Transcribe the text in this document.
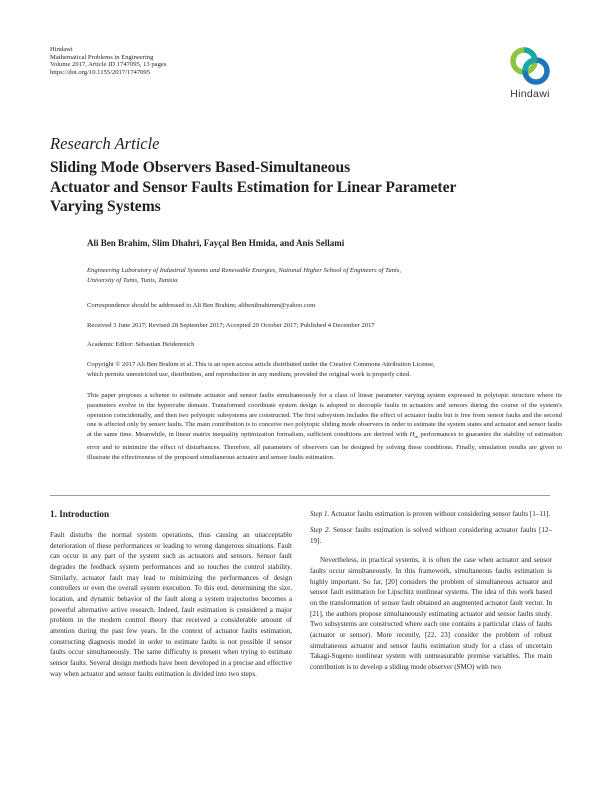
Hindawi
Mathematical Problems in Engineering
Volume 2017, Article ID 1747095, 13 pages
https://doi.org/10.1155/2017/1747095
Hindawi
Research Article
Sliding Mode Observers Based-Simultaneous
Actuator and Sensor Faults Estimation for Linear Parameter
Varying Systems
Ali Ben Brahim, Slim Dhahri, Fayçal Ben Hmida, and Anis Sellami
Engineering Laboratory of Industrial Systems and Renewable Energies, National Higher School of Engineers of Tunis,
University of Tunis, Tunis, Tunisia
Correspondence should be addressed to Ali Ben Brahim; alibenibrahimm@yahoo.com
Received 3 June 2017; Revised 28 September 2017; Accepted 29 October 2017; Published 4 December 2017
Academic Editor: Sebastian Heidenreich
Copyright © 2017 Ali Ben Brahim et al. This is an open access article distributed under the Creative Commons Attribution License,
which permits unrestricted use, distribution, and reproduction in any medium, provided the original work is properly cited.
This paper proposes a scheme to estimate actuator and sensor faults simultaneously for a class of linear parameter varying system expressed in polytopic structure where its parameters evolve in the hypercube domain. Transformed coordinate system design is adopted to decouple faults in actuators and sensors during the course of the system's operation coincidentally, and then two polytopic subsystems are constructed. The first subsystem includes the effect of actuator faults but is free from sensor faults and the second one is affected only by sensor faults. The main contribution is to conceive two polytopic sliding mode observers in order to estimate the system states and actuator and sensor faults at the same time. Meanwhile, in linear matrix inequality optimization formalism, sufficient conditions are derived with $H_\infty$ performances to guarantee the stability of estimation error and to minimize the effect of disturbances. Therefore, all parameters of observers can be designed by solving these conditions. Finally, simulation results are given to illustrate the effectiveness of the proposed simultaneous actuator and sensor faults estimation.
1. Introduction

Fault disturbs the normal system operations, thus causing an unacceptable deterioration of these performances or leading to wrong dangerous situations. Fault can occur in any part of the system such as actuators and sensors. Sensor fault degrades the feedback system performances and so touches the control stability. Similarly, actuator fault may lead to minimizing the performances of design controllers or even the overall system execution. To this end, determining the size, location, and dynamic behavior of the fault along a system trajectories becomes a powerful alternative active research. Indeed, fault estimation is considered a major problem in the modern control theory that received a considerable amount of attention during the past few years. In the context of actuator faults estimation, constructing diagnosis model in order to estimate faults is not possible if sensor faults occur simultaneously. The same difficulty is present when trying to estimate sensor faults. Several design methods have been developed in a precise and effective way when actuator and sensor faults estimation is divided into two steps.

Step 1. Actuator faults estimation is proven without considering sensor faults [1–11].

Step 2. Sensor faults estimation is solved without considering actuator faults [12–19].

Nevertheless, in practical systems, it is often the case when actuator and sensor faults occur simultaneously. In this framework, simultaneous faults estimation is highly important. So far, [20] considers the problem of simultaneous actuator and sensor fault estimation for Lipschitz nonlinear systems. The idea of this work based on the transformation of sensor fault obtained an augmented actuator fault vector. In [21], the authors propose simultaneously estimating actuator and sensor faults study. Two subsystems are constructed where each one contains a particular class of faults (actuator or sensor). More recently, [22, 23] consider the problem of robust simultaneous actuator and sensor faults estimation study for a class of uncertain Takagi-Sugeno nonlinear system with unmeasurable premise variables. The main contribution is to develop a sliding mode observer (SMO) with two
